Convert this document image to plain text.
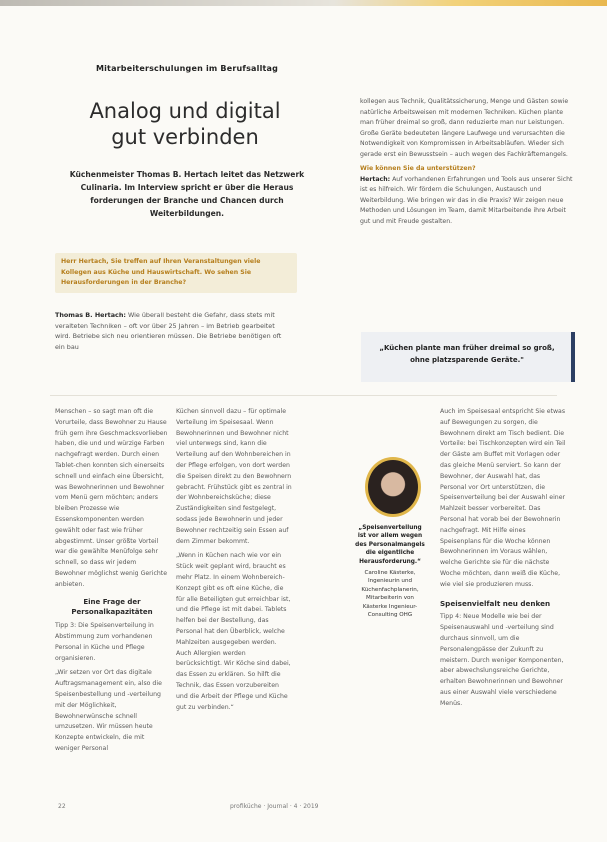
Mitarbeiterschulungen im Berufsalltag
Analog und digital
gut verbinden

Küchenmeister Thomas B. Hertach leitet das Netzwerk

Culinaria. Im Interview spricht er über die Heraus

forderungen der Branche und Chancen durch

Weiterbildungen.

Herr Hertach, Sie treffen auf Ihren Veranstaltungen viele Kollegen aus Küche und Hauswirtschaft. Wo sehen Sie Herausforderungen in der Branche?
Thomas B. Hertach: Wie überall besteht die Gefahr, dass stets mit veralteten Techniken – oft vor über 25 Jahren – im Betrieb gearbeitet wird. Betriebe sich neu orientieren müssen. Die Betriebe benötigen oft ein bau
kollegen aus Technik, Qualitätssicherung, Menge und Gästen sowie natürliche Arbeitsweisen mit modernen Techniken. Küchen plante man früher dreimal so groß, dann reduzierte man nur Leistungen. Große Geräte bedeuteten längere Laufwege und verursachten die Notwendigkeit von Kompromissen in Arbeitsabläufen. Wieder sich gerade erst ein Bewusstsein – auch wegen des Fachkräftemangels.
Wie können Sie da unterstützen?
Hertach: Auf vorhandenen Erfahrungen und Tools aus unserer Sicht ist es hilfreich. Wir fördern die Schulungen, Austausch und Weiterbildung. Wie bringen wir das in die Praxis? Wir zeigen neue Methoden und Lösungen im Team, damit Mitarbeitende ihre Arbeit gut und mit Freude gestalten.
„Küchen plante man früher dreimal so groß, ohne platzsparende Geräte."

Menschen – so sagt man oft die Vorurteile, dass Bewohner zu Hause früh gern ihre Geschmacksvorlieben haben, die und und würzige Farben nachgefragt werden. Durch einen Tablet-chen konnten sich einerseits schnell und einfach eine Übersicht, was Bewohnerinnen und Bewohner vom Menü gern möchten; anders bleiben Prozesse wie Essenskomponenten werden gewählt oder fast wie früher abgestimmt. Unser größte Vorteil war die gewählte Menüfolge sehr schnell, so dass wir jedem Bewohner möglichst wenig Gerichte anbieten.

Eine Frage der Personalkapazitäten

Tipp 3: Die Speisenverteilung in Abstimmung zum vorhandenen Personal in Küche und Pflege organisieren.

„Wir setzen vor Ort das digitale Auftragsmanagement ein, also die Speisenbestellung und -verteilung mit der Möglichkeit, Bewohnerwünsche schnell umzusetzen. Wir müssen heute Konzepte entwickeln, die mit weniger Personal

Küchen sinnvoll dazu – für optimale Verteilung im Speisesaal. Wenn Bewohnerinnen und Bewohner nicht viel unterwegs sind, kann die Verteilung auf den Wohnbereichen in der Pflege erfolgen, von dort werden die Speisen direkt zu den Bewohnern gebracht. Frühstück gibt es zentral in der Wohnbereichsküche; diese Zuständigkeiten sind festgelegt, sodass jede Bewohnerin und jeder Bewohner rechtzeitig sein Essen auf dem Zimmer bekommt.

„Wenn in Küchen nach wie vor ein Stück weit geplant wird, braucht es mehr Platz. In einem Wohnbereich-Konzept gibt es oft eine Küche, die für alle Beteiligten gut erreichbar ist, und die Pflege ist mit dabei. Tablets helfen bei der Bestellung, das Personal hat den Überblick, welche Mahlzeiten ausgegeben werden. Auch Allergien werden berücksichtigt. Wir Köche sind dabei, das Essen zu erklären. So hilft die Technik, das Essen vorzubereiten und die Arbeit der Pflege und Küche gut zu verbinden.“

„Speisenverteilung ist vor allem wegen des Personalmangels die eigentliche Herausforderung.“
Caroline Kästerke, Ingenieurin und Küchenfachplanerin, Mitarbeiterin von Kästerke Ingenieur-Consulting OHG

Auch im Speisesaal entspricht Sie etwas auf Bewegungen zu sorgen, die Bewohnern direkt am Tisch bedient. Die Vorteile: bei Tischkonzepten wird ein Teil der Gäste am Buffet mit Vorlagen oder das gleiche Menü serviert. So kann der Bewohner, der Auswahl hat, das Personal vor Ort unterstützen, die Speisenverteilung bei der Auswahl einer Mahlzeit besser vorbereitet. Das Personal hat vorab bei der Bewohnerin nachgefragt. Mit Hilfe eines Speisenplans für die Woche können Bewohnerinnen im Voraus wählen, welche Gerichte sie für die nächste Woche möchten, dann weiß die Küche, wie viel sie produzieren muss.

Speisenvielfalt neu denken

Tipp 4: Neue Modelle wie bei der Speisenauswahl und -verteilung sind durchaus sinnvoll, um die Personalengpässe der Zukunft zu meistern. Durch weniger Komponenten, aber abwechslungsreiche Gerichte, erhalten Bewohnerinnen und Bewohner aus einer Auswahl viele verschiedene Menüs.

22	profiküche · Journal · 4 · 2019
